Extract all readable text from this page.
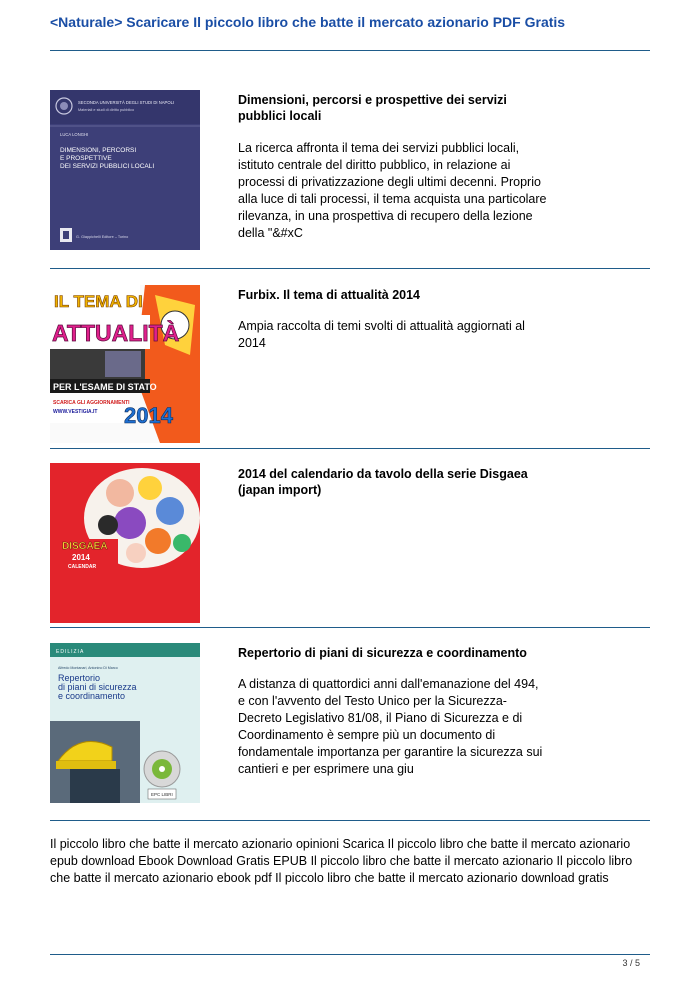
<Naturale> Scaricare Il piccolo libro che batte il mercato azionario PDF Gratis
SECONDA UNIVERSITÀ DEGLI STUDI DI NAPOLI
Materiali e studi di diritto pubblico
LUCA LONGHI
DIMENSIONI, PERCORSI
E PROSPETTIVE
DEI SERVIZI PUBBLICI LOCALI
G. Giappichelli Editore – Torino
Dimensioni, percorsi e prospettive dei servizi pubblici locali
La ricerca affronta il tema dei servizi pubblici locali, istituto centrale del diritto pubblico, in relazione ai processi di privatizzazione degli ultimi decenni. Proprio alla luce di tali processi, il tema acquista una particolare rilevanza, in una prospettiva di recupero della lezione della "&#xC
IL TEMA DI
ATTUALITÀ
PER L'ESAME DI STATO
SCARICA GLI AGGIORNAMENTI
WWW.VESTIGIA.IT 2014
Furbix. Il tema di attualità 2014
Ampia raccolta di temi svolti di attualità aggiornati al 2014
DISGAEA
2014
CALENDAR
2014 del calendario da tavolo della serie Disgaea (japan import)
EDILIZIA
Alfredo Montanari, Antonino Di Marco
Repertorio
di piani di sicurezza
e coordinamento
EPC LIBRI
Repertorio di piani di sicurezza e coordinamento
A distanza di quattordici anni dall'emanazione del 494, e con l'avvento del Testo Unico per la Sicurezza-Decreto Legislativo 81/08, il Piano di Sicurezza e di Coordinamento è sempre più un documento di fondamentale importanza per garantire la sicurezza sui cantieri e per esprimere una giu
Il piccolo libro che batte il mercato azionario opinioni Scarica Il piccolo libro che batte il mercato azionario epub download Ebook Download Gratis EPUB Il piccolo libro che batte il mercato azionario Il piccolo libro che batte il mercato azionario ebook pdf Il piccolo libro che batte il mercato azionario download gratis
3 / 5
